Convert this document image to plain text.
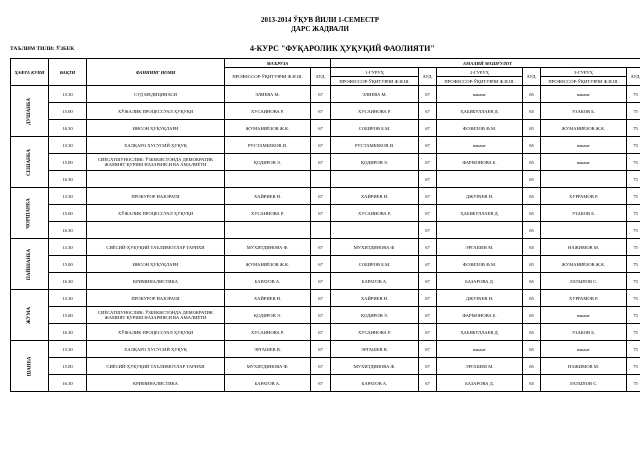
2013-2014 ЎҚУВ ЙИЛИ 1-СЕМЕСТР
ДАРС ЖАДВАЛИ
ТАЪЛИМ ТИЛИ: ЎЗБЕК	4-КУРС "ФУҚАРОЛИК ҲУҚУҚИЙ ФАОЛИЯТИ"
ҲАФТА КУНИ	ВАҚТИ	ФАННИНГ НОМИ	МАЪРУЗА		АМАЛИЙ МАШҒУЛОТ					
			ПРОФЕССОР-ЎҚИТУВЧИ Ф.И.Ш.	АУД.	1-ГУРУҲ	АУД.	2-ГУРУҲ	АУД.	3-ГУРУҲ	АУД.
					ПРОФЕССОР-ЎҚИТУВЧИ Ф.И.Ш.		ПРОФЕССОР-ЎҚИТУВЧИ Ф.И.Ш.		ПРОФЕССОР-ЎҚИТУВЧИ Ф.И.Ш.	
ДУШАНБА	13.30	СУД МЕДИЦИНАСИ	ЭЛИЕВА М.	67	ЭЛИЕВА М.	67	вакант	65	вакант	75
	15.00	ХЎЖАЛИК ПРОЦЕССУАЛ ҲУҚУҚИ	ХУСАИНОВА Р.	67	ХУСАИНОВА Р.	67	ҲАБИБУЛЛАЕВ Д.	65	УЗАКОВ Б.	75
	16.30	ИНСОН ҲУҚУҚЛАРИ	ЖУМАНИЁЗОВ Ж.К.	67	СОБИРОВ Б.М.	67	ФОЗИЛОВ Ф.М.	65	ЖУМАНИЁЗОВ Ж.К.	75
СЕШАНБА	13.30	ХАЛҚАРО ХУСУСИЙ ҲУҚУҚ	РУСТАМБЕКОВ И.	67	РУСТАМБЕКОВ И.	67	вакант	65	вакант	75
	15.00	СИЁСАТШУНОСЛИК: ЎЗБЕКИСТОНДА ДЕМОКРАТИК ЖАМИЯТ ҚУРИШ НАЗАРИЯСИ ВА АМАЛИЁТИ	ҚОДИРОВ Э.	67	ҚОДИРОВ Э.	67	ФАРМОНОВА Б.	65	вакант	75
	16.30					67		65		75
ЧОРШАНБА	13.30	ПРОКУРОР НАЗОРАТИ	ХАЙРИЕВ Н.	67	ХАЙРИЕВ Н.	67	ДЖУРАЕВ Н.	65	ХУРРАМОВ Р.	75
	15.00	ХЎЖАЛИК ПРОЦЕССУАЛ ҲУҚУҚИ	ХУСАИНОВА Р.	67	ХУСАИНОВА Р.	67	ҲАБИБУЛЛАЕВ Д.	65	УЗАКОВ Б.	75
	16.30					67		65		75
ПАЙШАНБА	13.30	СИЁСИЙ-ҲУҚУҚИЙ ТАЪЛИМОТЛАР ТАРИХИ	МУХИТДИНОВА Ф.	67	МУХИТДИНОВА Ф.	67	ЭРГАШЕВ М.	65	НАЖИМОВ М.	75
	15.00	ИНСОН ҲУҚУҚЛАРИ	ЖУМАНИЁЗОВ Ж.К.	67	СОБИРОВ Б.М.	67	ФОЗИЛОВ Ф.М.	65	ЖУМАНИЁЗОВ Ж.К.	75
	16.30	КРИМИНАЛИСТИКА	БАРАТОВ А.	67	БАРАТОВ А.	67	БАЗАРОВА Д.	65	ЛАТЫПОВ С.	75
ЖУМА	13.30	ПРОКУРОР НАЗОРАТИ	ХАЙРИЕВ Н.	67	ХАЙРИЕВ Н.	67	ДЖУРАЕВ Н.	65	ХУРРАМОВ Р.	75
	15.00	СИЁСАТШУНОСЛИК: ЎЗБЕКИСТОНДА ДЕМОКРАТИК ЖАМИЯТ ҚУРИШ НАЗАРИЯСИ ВА АМАЛИЁТИ	ҚОДИРОВ Э.	67	ҚОДИРОВ Э.	67	ФАРМОНОВА Б.	65	вакант	75
	16.30	ХЎЖАЛИК ПРОЦЕССУАЛ ҲУҚУҚИ	ХУСАИНОВА Р.	67	ХУСАИНОВА Р.	67	ҲАБИБУЛЛАЕВ Д.	65	УЗАКОВ Б.	75
ШАНБА	13.30	ХАЛҚАРО ХУСУСИЙ ҲУҚУҚ	ЭРГАШЕВ В.	67	ЭРГАШЕВ В.	67	вакант	65	вакант	75
	15.00	СИЁСИЙ-ҲУҚУҚИЙ ТАЪЛИМОТЛАР ТАРИХИ	МУХИТДИНОВА Ф.	67	МУХИТДИНОВА Ф.	67	ЭРГАШЕВ М.	65	НАЖИМОВ М.	75
	16.30	КРИМИНАЛИСТИКА	БАРАТОВ А.	67	БАРАТОВ А.	67	БАЗАРОВА Д.	65	ЛАТЫПОВ С.	75
